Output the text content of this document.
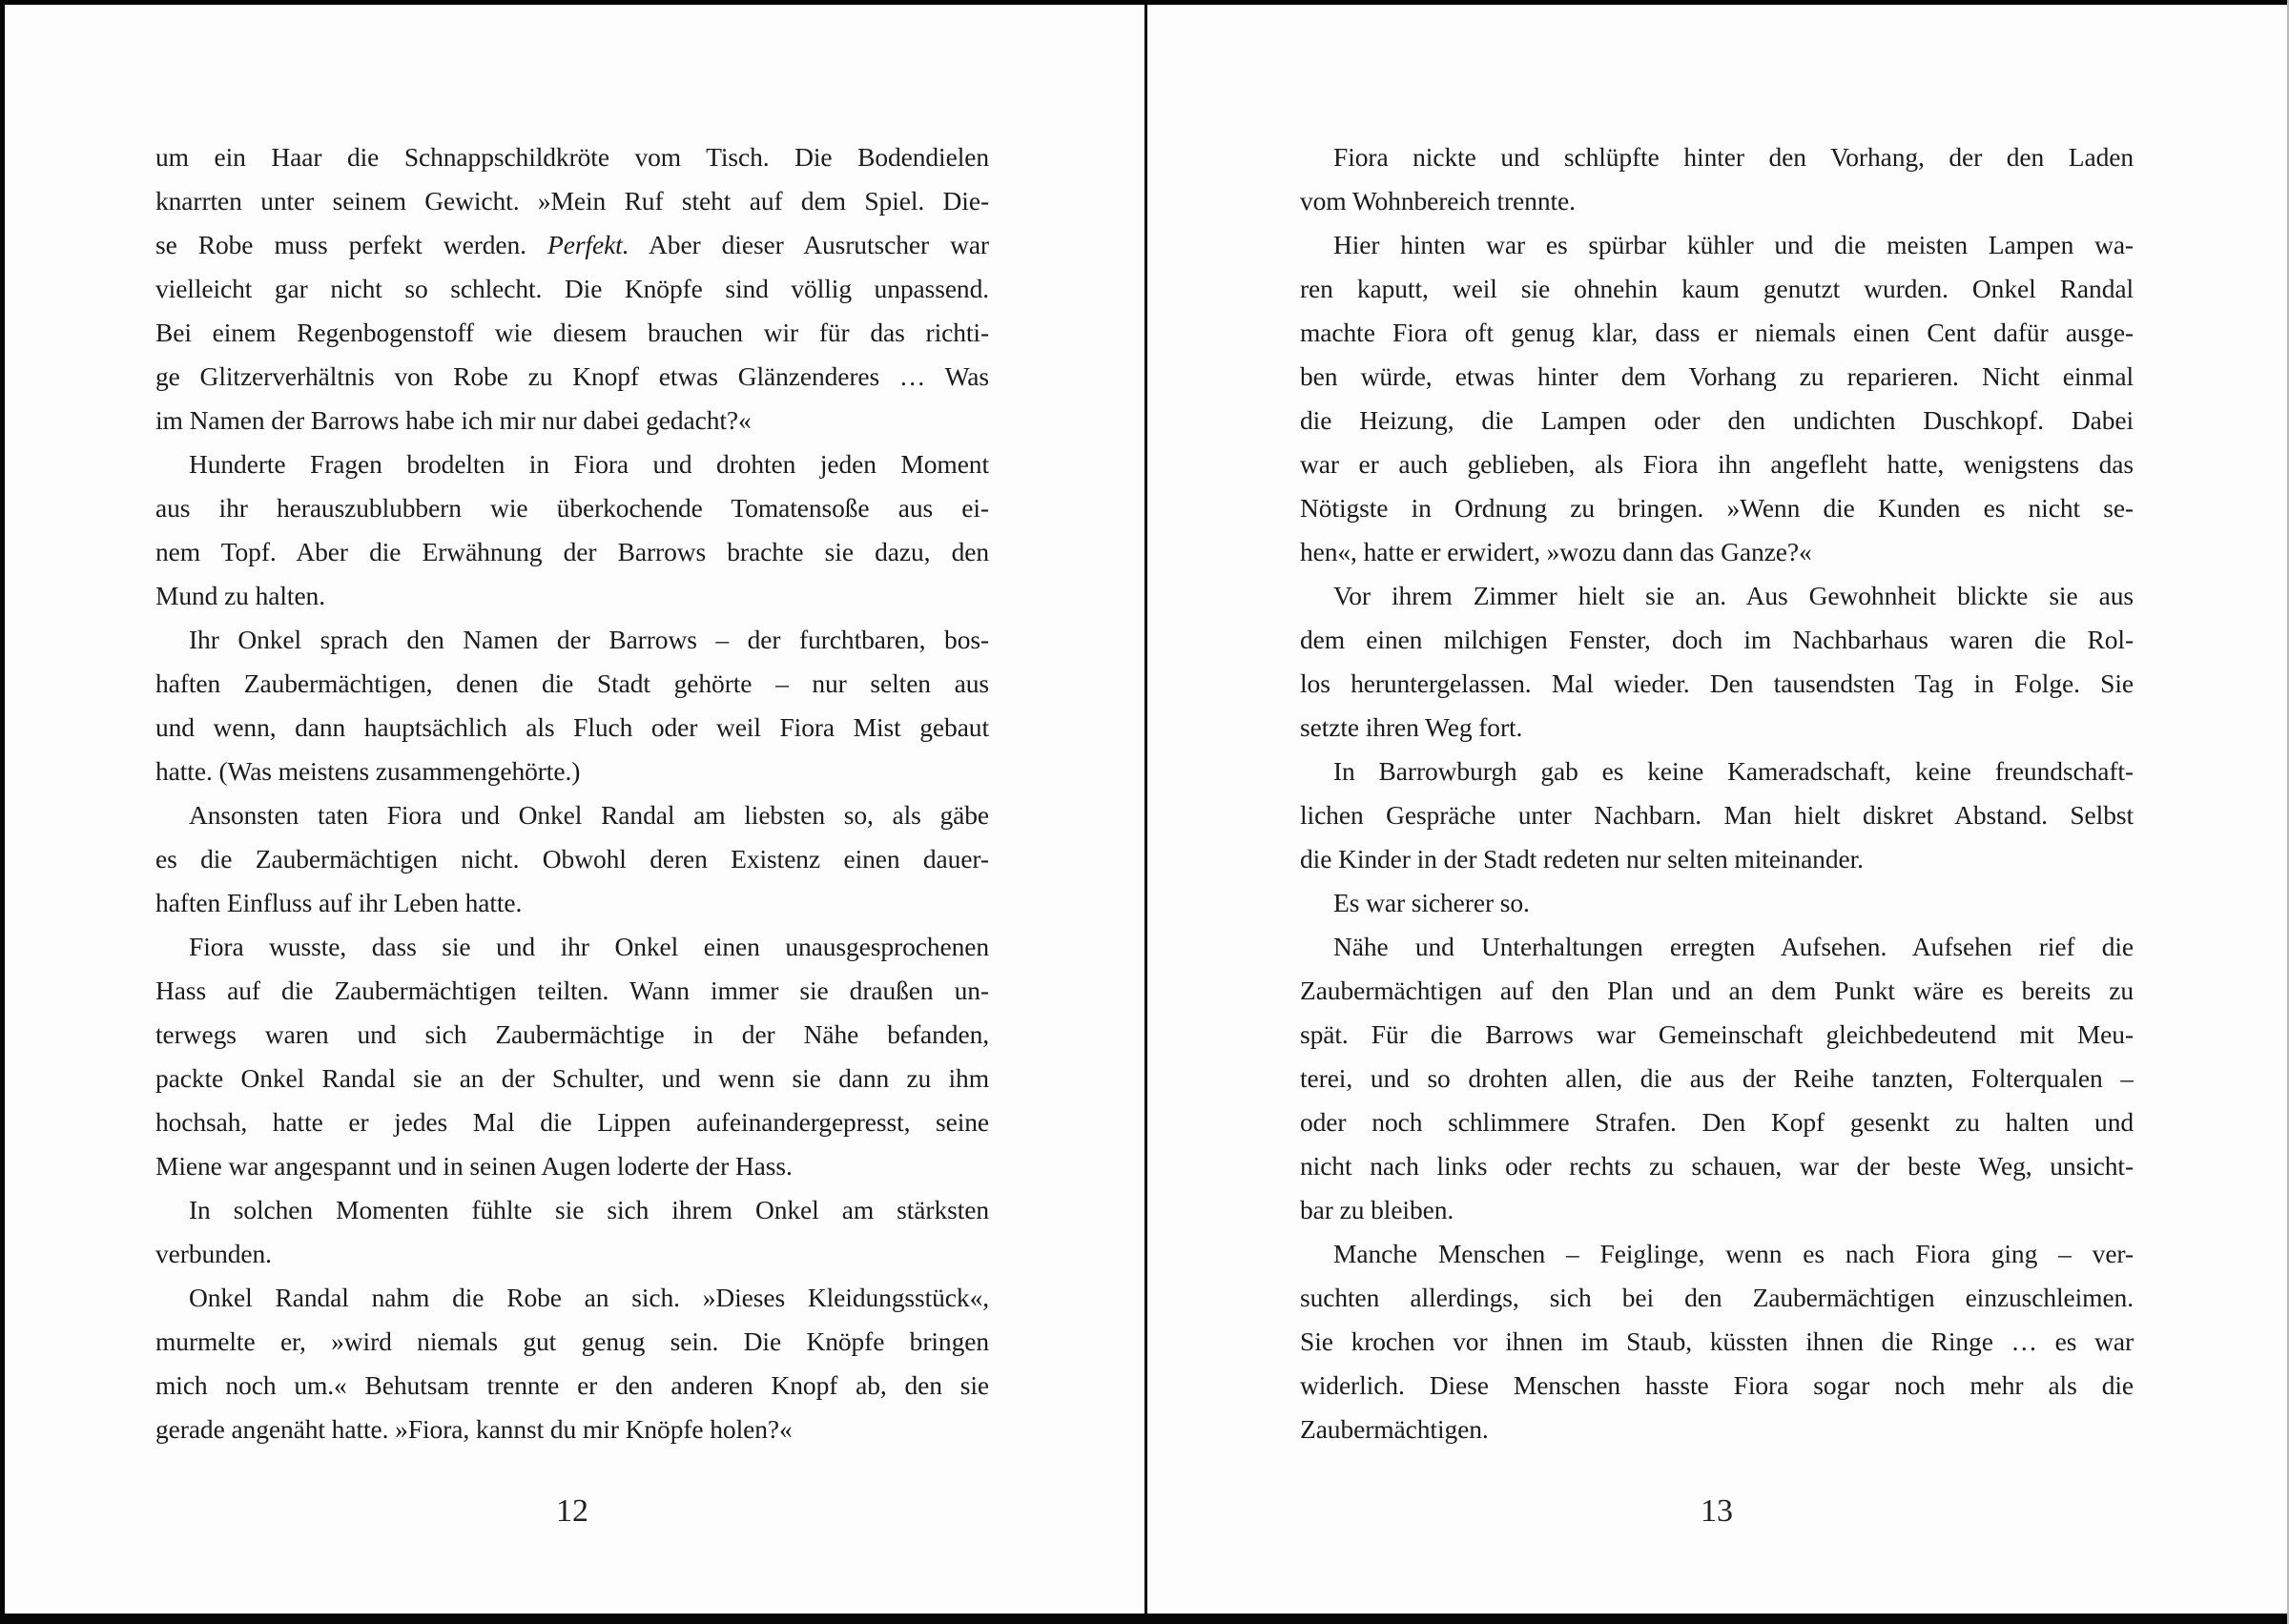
um ein Haar die Schnappschildkröte vom Tisch. Die Bodendielen
knarrten unter seinem Gewicht. »Mein Ruf steht auf dem Spiel. Die-
se Robe muss perfekt werden. Perfekt. Aber dieser Ausrutscher war
vielleicht gar nicht so schlecht. Die Knöpfe sind völlig unpassend.
Bei einem Regenbogenstoff wie diesem brauchen wir für das richti-
ge Glitzerverhältnis von Robe zu Knopf etwas Glänzenderes … Was
im Namen der Barrows habe ich mir nur dabei gedacht?«
Hunderte Fragen brodelten in Fiora und drohten jeden Moment
aus ihr herauszublubbern wie überkochende Tomatensoße aus ei-
nem Topf. Aber die Erwähnung der Barrows brachte sie dazu, den
Mund zu halten.
Ihr Onkel sprach den Namen der Barrows – der furchtbaren, bos-
haften Zaubermächtigen, denen die Stadt gehörte – nur selten aus
und wenn, dann hauptsächlich als Fluch oder weil Fiora Mist gebaut
hatte. (Was meistens zusammengehörte.)
Ansonsten taten Fiora und Onkel Randal am liebsten so, als gäbe
es die Zaubermächtigen nicht. Obwohl deren Existenz einen dauer-
haften Einfluss auf ihr Leben hatte.
Fiora wusste, dass sie und ihr Onkel einen unausgesprochenen
Hass auf die Zaubermächtigen teilten. Wann immer sie draußen un-
terwegs waren und sich Zaubermächtige in der Nähe befanden,
packte Onkel Randal sie an der Schulter, und wenn sie dann zu ihm
hochsah, hatte er jedes Mal die Lippen aufeinandergepresst, seine
Miene war angespannt und in seinen Augen loderte der Hass.
In solchen Momenten fühlte sie sich ihrem Onkel am stärksten
verbunden.
Onkel Randal nahm die Robe an sich. »Dieses Kleidungsstück«,
murmelte er, »wird niemals gut genug sein. Die Knöpfe bringen
mich noch um.« Behutsam trennte er den anderen Knopf ab, den sie
gerade angenäht hatte. »Fiora, kannst du mir Knöpfe holen?«
12
Fiora nickte und schlüpfte hinter den Vorhang, der den Laden
vom Wohnbereich trennte.
Hier hinten war es spürbar kühler und die meisten Lampen wa-
ren kaputt, weil sie ohnehin kaum genutzt wurden. Onkel Randal
machte Fiora oft genug klar, dass er niemals einen Cent dafür ausge-
ben würde, etwas hinter dem Vorhang zu reparieren. Nicht einmal
die Heizung, die Lampen oder den undichten Duschkopf. Dabei
war er auch geblieben, als Fiora ihn angefleht hatte, wenigstens das
Nötigste in Ordnung zu bringen. »Wenn die Kunden es nicht se-
hen«, hatte er erwidert, »wozu dann das Ganze?«
Vor ihrem Zimmer hielt sie an. Aus Gewohnheit blickte sie aus
dem einen milchigen Fenster, doch im Nachbarhaus waren die Rol-
los heruntergelassen. Mal wieder. Den tausendsten Tag in Folge. Sie
setzte ihren Weg fort.
In Barrowburgh gab es keine Kameradschaft, keine freundschaft-
lichen Gespräche unter Nachbarn. Man hielt diskret Abstand. Selbst
die Kinder in der Stadt redeten nur selten miteinander.
Es war sicherer so.
Nähe und Unterhaltungen erregten Aufsehen. Aufsehen rief die
Zaubermächtigen auf den Plan und an dem Punkt wäre es bereits zu
spät. Für die Barrows war Gemeinschaft gleichbedeutend mit Meu-
terei, und so drohten allen, die aus der Reihe tanzten, Folterqualen –
oder noch schlimmere Strafen. Den Kopf gesenkt zu halten und
nicht nach links oder rechts zu schauen, war der beste Weg, unsicht-
bar zu bleiben.
Manche Menschen – Feiglinge, wenn es nach Fiora ging – ver-
suchten allerdings, sich bei den Zaubermächtigen einzuschleimen.
Sie krochen vor ihnen im Staub, küssten ihnen die Ringe … es war
widerlich. Diese Menschen hasste Fiora sogar noch mehr als die
Zaubermächtigen.
13
